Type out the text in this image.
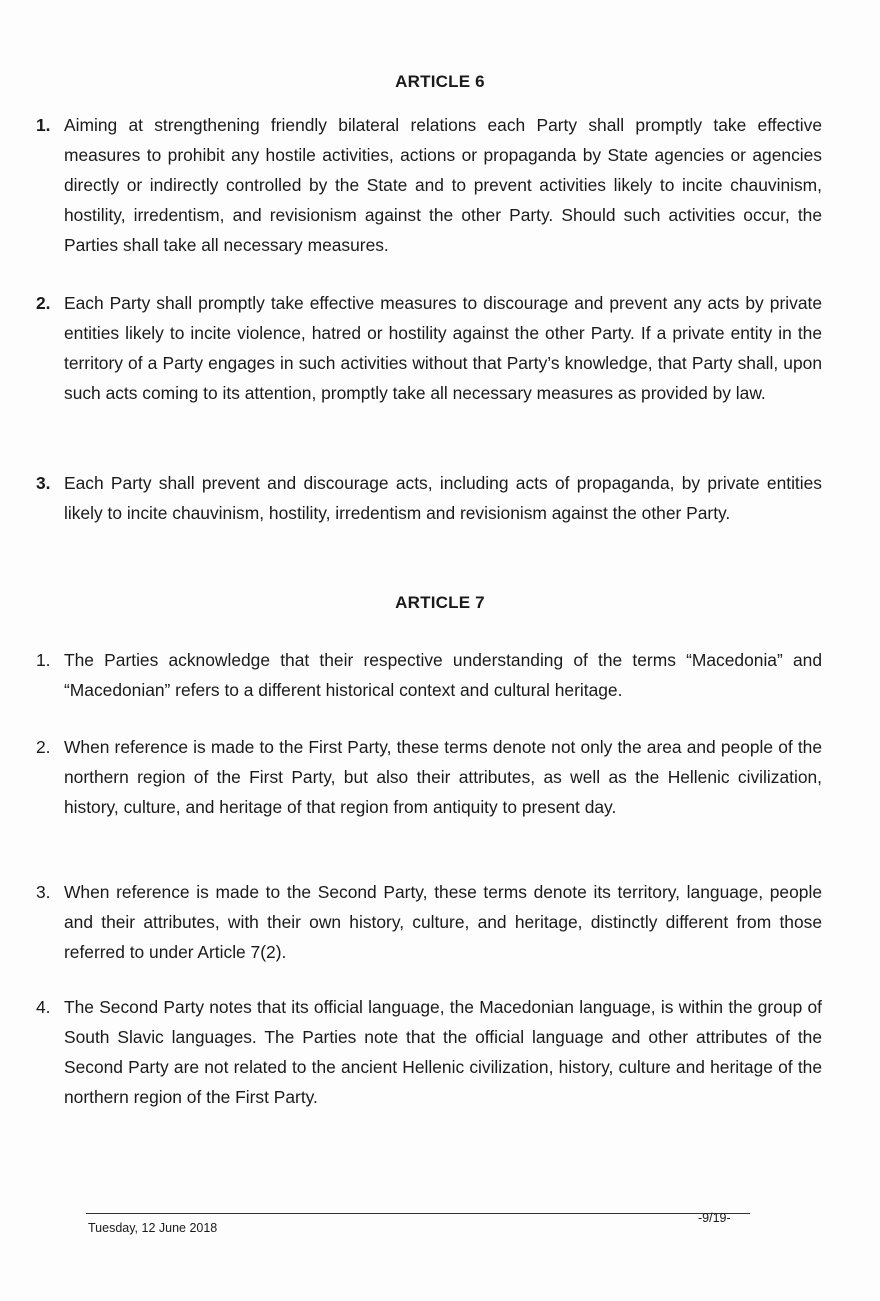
ARTICLE 6
1. Aiming at strengthening friendly bilateral relations each Party shall promptly take effective measures to prohibit any hostile activities, actions or propaganda by State agencies or agencies directly or indirectly controlled by the State and to prevent activities likely to incite chauvinism, hostility, irredentism, and revisionism against the other Party. Should such activities occur, the Parties shall take all necessary measures.
2. Each Party shall promptly take effective measures to discourage and prevent any acts by private entities likely to incite violence, hatred or hostility against the other Party. If a private entity in the territory of a Party engages in such activities without that Party’s knowledge, that Party shall, upon such acts coming to its attention, promptly take all necessary measures as provided by law.
3. Each Party shall prevent and discourage acts, including acts of propaganda, by private entities likely to incite chauvinism, hostility, irredentism and revisionism against the other Party.
ARTICLE 7
1. The Parties acknowledge that their respective understanding of the terms “Macedonia” and “Macedonian” refers to a different historical context and cultural heritage.
2. When reference is made to the First Party, these terms denote not only the area and people of the northern region of the First Party, but also their attributes, as well as the Hellenic civilization, history, culture, and heritage of that region from antiquity to present day.
3. When reference is made to the Second Party, these terms denote its territory, language, people and their attributes, with their own history, culture, and heritage, distinctly different from those referred to under Article 7(2).
4. The Second Party notes that its official language, the Macedonian language, is within the group of South Slavic languages. The Parties note that the official language and other attributes of the Second Party are not related to the ancient Hellenic civilization, history, culture and heritage of the northern region of the First Party.
Tuesday, 12 June 2018
-9/19-
